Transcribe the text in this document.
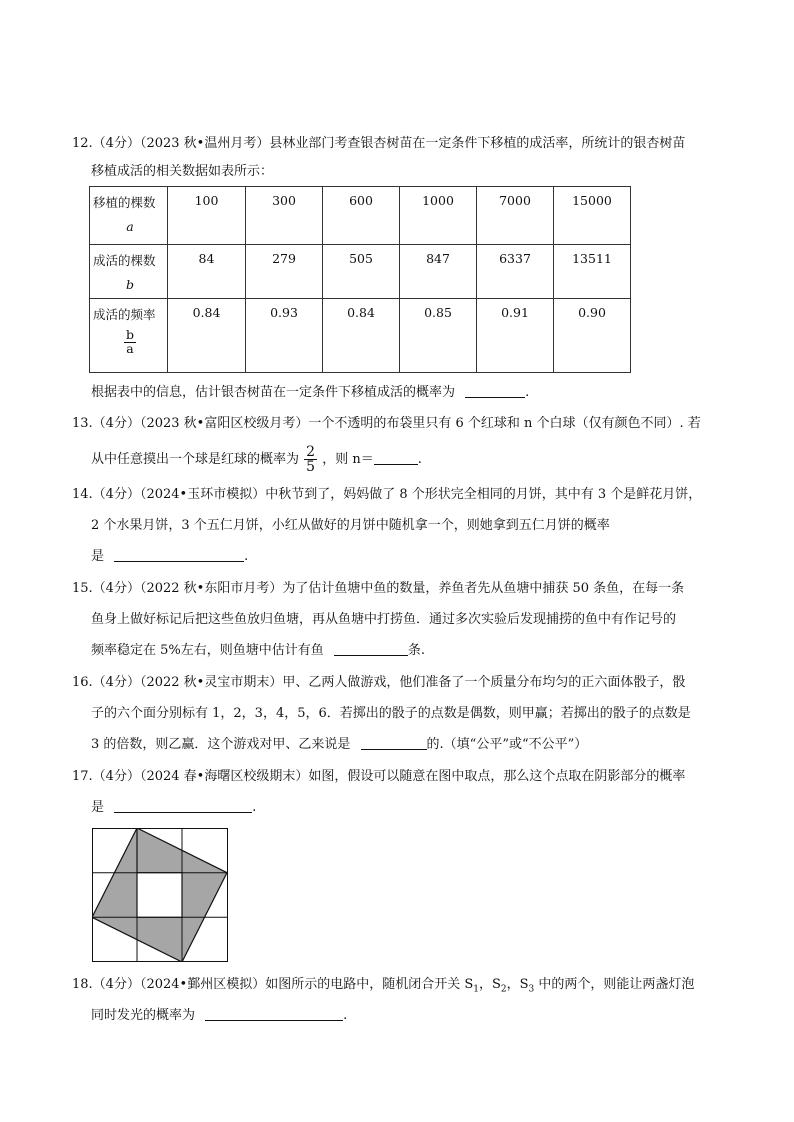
12.（4分）（2023 秋•温州月考）县林业部门考查银杏树苗在一定条件下移植的成活率，所统计的银杏树苗
移植成活的相关数据如表所示：
移植的棵数
a	100	300	600	1000	7000	15000

成活的棵数
b	84	279	505	847	6337	13511

成活的频率
$\frac{b}{a}$	0.84	0.93	0.84	0.85	0.91	0.90
根据表中的信息，估计银杏树苗在一定条件下移植成活的概率为	.
13.（4分）（2023 秋•富阳区校级月考）一个不透明的布袋里只有 6 个红球和 n 个白球（仅有颜色不同）. 若
从中任意摸出一个球是红球的概率为 $\frac{2}{5}$ ，则 n＝	.
14.（4分）（2024•玉环市模拟）中秋节到了，妈妈做了 8 个形状完全相同的月饼，其中有 3 个是鲜花月饼，
2 个水果月饼，3 个五仁月饼，小红从做好的月饼中随机拿一个，则她拿到五仁月饼的概率
是	.
15.（4分）（2022 秋•东阳市月考）为了估计鱼塘中鱼的数量，养鱼者先从鱼塘中捕获 50 条鱼，在每一条
鱼身上做好标记后把这些鱼放归鱼塘，再从鱼塘中打捞鱼．通过多次实验后发现捕捞的鱼中有作记号的
频率稳定在 5%左右，则鱼塘中估计有鱼	条.
16.（4分）（2022 秋•灵宝市期末）甲、乙两人做游戏，他们准备了一个质量分布均匀的正六面体骰子，骰
子的六个面分别标有 1，2，3，4，5，6．若掷出的骰子的点数是偶数，则甲赢；若掷出的骰子的点数是
3 的倍数，则乙赢．这个游戏对甲、乙来说是	的.（填“公平”或“不公平”）
17.（4分）（2024 春•海曙区校级期末）如图，假设可以随意在图中取点，那么这个点取在阴影部分的概率
是	.
18.（4分）（2024•鄞州区模拟）如图所示的电路中，随机闭合开关 $S_1$，$S_2$，$S_3$ 中的两个，则能让两盏灯泡
同时发光的概率为	.
